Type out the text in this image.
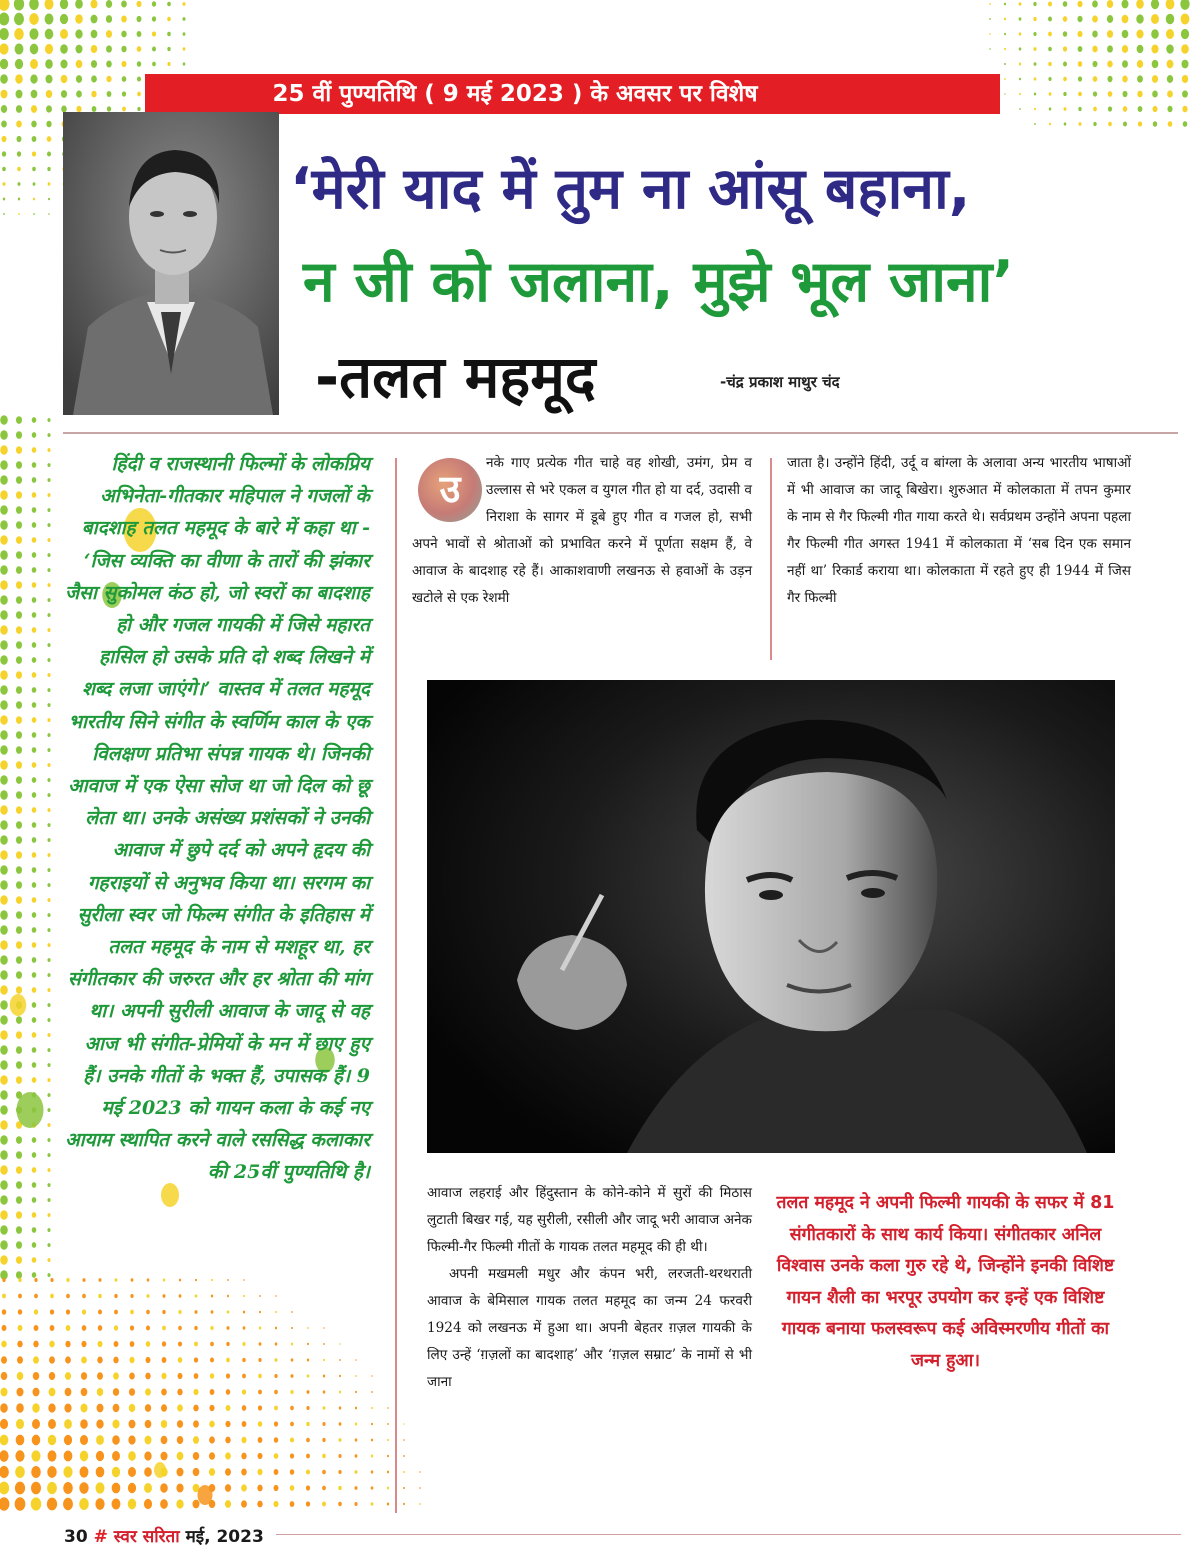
25 वीं पुण्यतिथि ( 9 मई 2023 ) के अवसर पर विशेष
‘मेरी याद में तुम ना आंसू बहाना,
न जी को जलाना, मुझे भूल जाना’
-तलत महमूद	-चंद्र प्रकाश माथुर चंद

हिंदी व राजस्थानी फिल्मों के लोकप्रिय अभिनेता-गीतकार महिपाल ने गजलों के बादशाह तलत महमूद के बारे में कहा था - ‘जिस व्यक्ति का वीणा के तारों की झंकार जैसा सुकोमल कंठ हो, जो स्वरों का बादशाह हो और गजल गायकी में जिसे महारत हासिल हो उसके प्रति दो शब्द लिखने में शब्द लजा जाएंगे।’ वास्तव में तलत महमूद भारतीय सिने संगीत के स्वर्णिम काल के एक विलक्षण प्रतिभा संपन्न गायक थे। जिनकी आवाज में एक ऐसा सोज था जो दिल को छू लेता था। उनके असंख्य प्रशंसकों ने उनकी आवाज में छुपे दर्द को अपने हृदय की गहराइयों से अनुभव किया था। सरगम का सुरीला स्वर जो फिल्म संगीत के इतिहास में तलत महमूद के नाम से मशहूर था, हर संगीतकार की जरुरत और हर श्रोता की मांग था। अपनी सुरीली आवाज के जादू से वह आज भी संगीत-प्रेमियों के मन में छाए हुए हैं। उनके गीतों के भक्त हैं, उपासक हैं। 9 मई 2023 को गायन कला के कई नए आयाम स्थापित करने वाले रससिद्ध कलाकार की 25वीं पुण्यतिथि है।

उ

नके गाए प्रत्येक गीत चाहे वह शोखी, उमंग, प्रेम व उल्लास से भरे एकल व युगल गीत हो या दर्द, उदासी व निराशा के सागर में डूबे हुए गीत व गजल हो, सभी अपने भावों से श्रोताओं को प्रभावित करने में पूर्णता सक्षम हैं, वे आवाज के बादशाह रहे हैं। आकाशवाणी लखनऊ से हवाओं के उड़न खटोले से एक रेशमी

जाता है। उन्होंने हिंदी, उर्दू व बांग्ला के अलावा अन्य भारतीय भाषाओं में भी आवाज का जादू बिखेरा। शुरुआत में कोलकाता में तपन कुमार के नाम से गैर फिल्मी गीत गाया करते थे। सर्वप्रथम उन्होंने अपना पहला गैर फिल्मी गीत अगस्त 1941 में कोलकाता में ‘सब दिन एक समान नहीं था’ रिकार्ड कराया था। कोलकाता में रहते हुए ही 1944 में जिस गैर फिल्मी

आवाज लहराई और हिंदुस्तान के कोने-कोने में सुरों की मिठास लुटाती बिखर गई, यह सुरीली, रसीली और जादू भरी आवाज अनेक फिल्मी-गैर फिल्मी गीतों के गायक तलत महमूद की ही थी।

अपनी मखमली मधुर और कंपन भरी, लरजती-थरथराती आवाज के बेमिसाल गायक तलत महमूद का जन्म 24 फरवरी 1924 को लखनऊ में हुआ था। अपनी बेहतर ग़ज़ल गायकी के लिए उन्हें ‘ग़ज़लों का बादशाह’ और ‘ग़ज़ल सम्राट’ के नामों से भी जाना

तलत महमूद ने अपनी फिल्मी गायकी के सफर में 81 संगीतकारों के साथ कार्य किया। संगीतकार अनिल विश्वास उनके कला गुरु रहे थे, जिन्होंने इनकी विशिष्ट गायन शैली का भरपूर उपयोग कर इन्हें एक विशिष्ट गायक बनाया फलस्वरूप कई अविस्मरणीय गीतों का जन्म हुआ।
30 # स्वर सरिता मई, 2023
